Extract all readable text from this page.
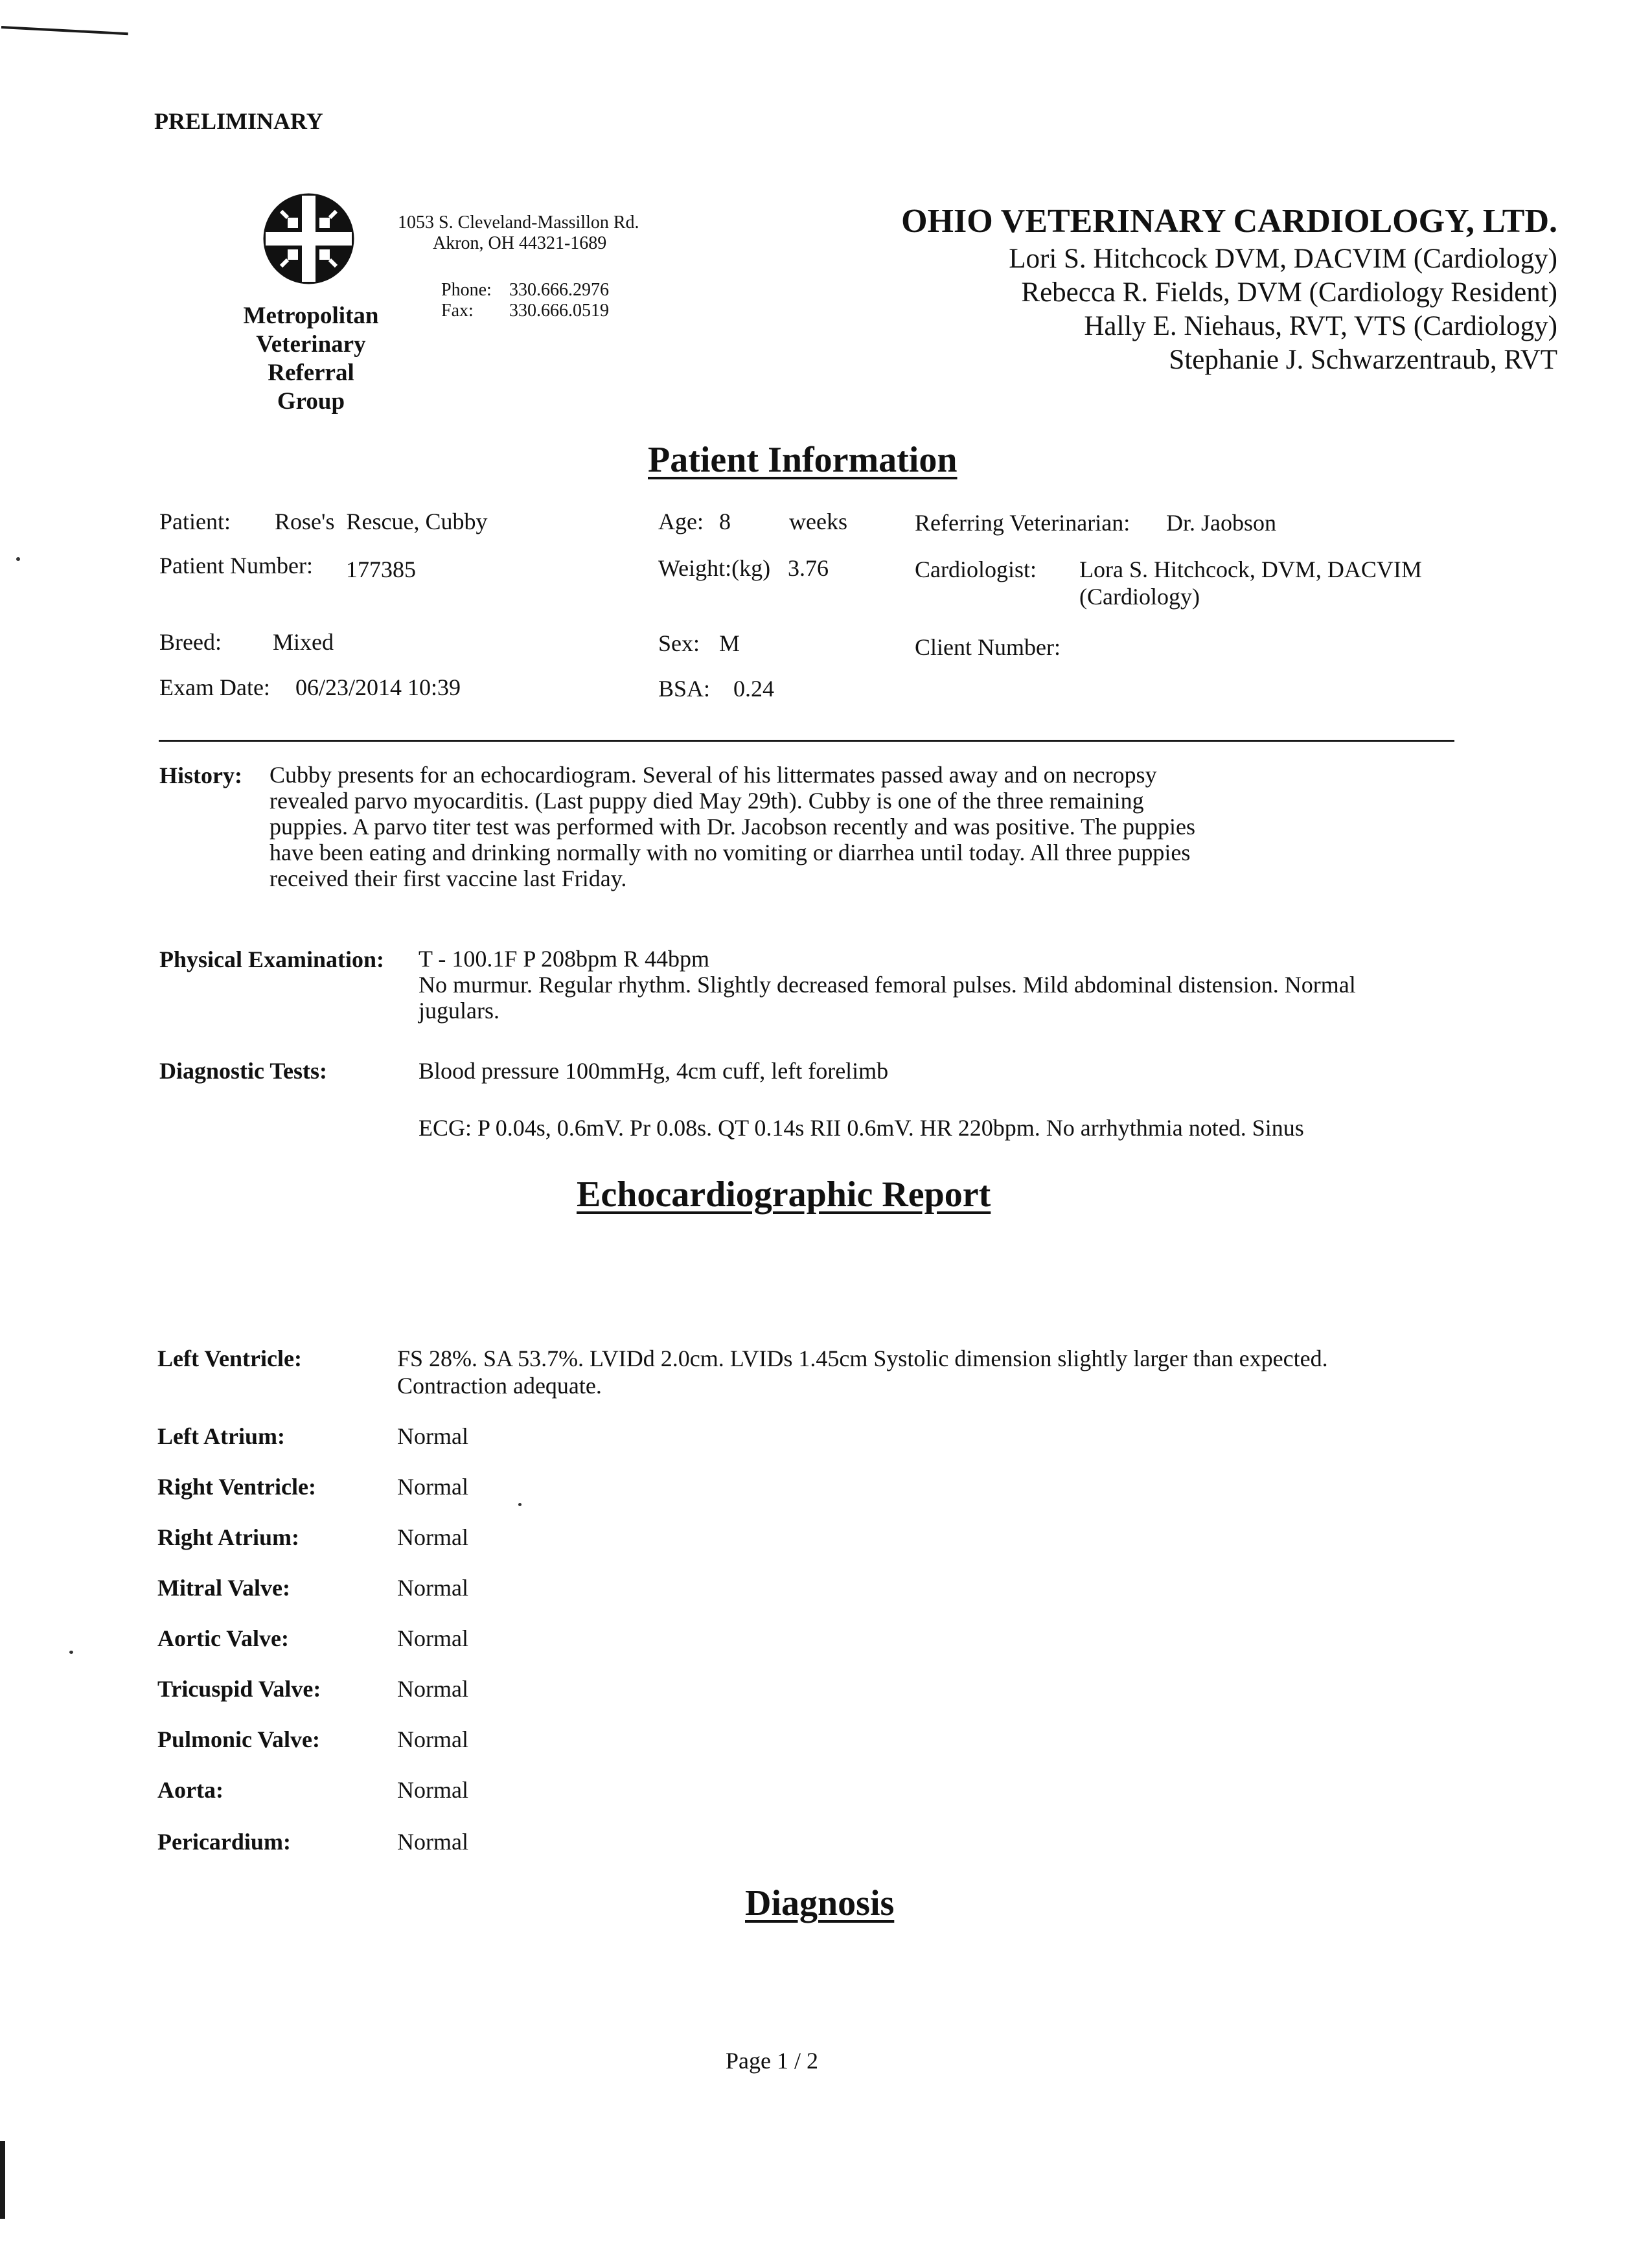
PRELIMINARY
Metropolitan
Veterinary
Referral
Group
1053 S. Cleveland-Massillon Rd.
Akron, OH 44321-1689
Phone: 330.666.2976
Fax: 330.666.0519
OHIO VETERINARY CARDIOLOGY, LTD.
Lori S. Hitchcock DVM, DACVIM (Cardiology)
Rebecca R. Fields, DVM (Cardiology Resident)
Hally E. Niehaus, RVT, VTS (Cardiology)
Stephanie J. Schwarzentraub, RVT
Patient Information
Patient: Rose's  Rescue, Cubby
Patient Number: 177385
Breed: Mixed
Exam Date: 06/23/2014 10:39
Age: 8	weeks
Weight:(kg) 3.76
Sex: M
BSA: 0.24
Referring Veterinarian: Dr. Jaobson
Cardiologist: Lora S. Hitchcock, DVM, DACVIM
(Cardiology)
Client Number:
History: Cubby presents for an echocardiogram. Several of his littermates passed away and on necropsy
revealed parvo myocarditis. (Last puppy died May 29th). Cubby is one of the three remaining
puppies. A parvo titer test was performed with Dr. Jacobson recently and was positive. The puppies
have been eating and drinking normally with no vomiting or diarrhea until today. All three puppies
received their first vaccine last Friday.
Physical Examination: T - 100.1F P 208bpm R 44bpm
No murmur. Regular rhythm. Slightly decreased femoral pulses. Mild abdominal distension. Normal
jugulars.
Diagnostic Tests:	Blood pressure 100mmHg, 4cm cuff, left forelimb
ECG: P 0.04s, 0.6mV. Pr 0.08s. QT 0.14s RII 0.6mV. HR 220bpm. No arrhythmia noted. Sinus
Echocardiographic Report
Left Ventricle:	FS 28%. SA 53.7%. LVIDd 2.0cm. LVIDs 1.45cm Systolic dimension slightly larger than expected.
Contraction adequate.
Left Atrium:	Normal
Right Ventricle:	Normal
Right Atrium:	Normal
Mitral Valve:	Normal
Aortic Valve:	Normal
Tricuspid Valve:	Normal
Pulmonic Valve:	Normal
Aorta:	Normal
Pericardium:	Normal
Diagnosis
Page 1 / 2
